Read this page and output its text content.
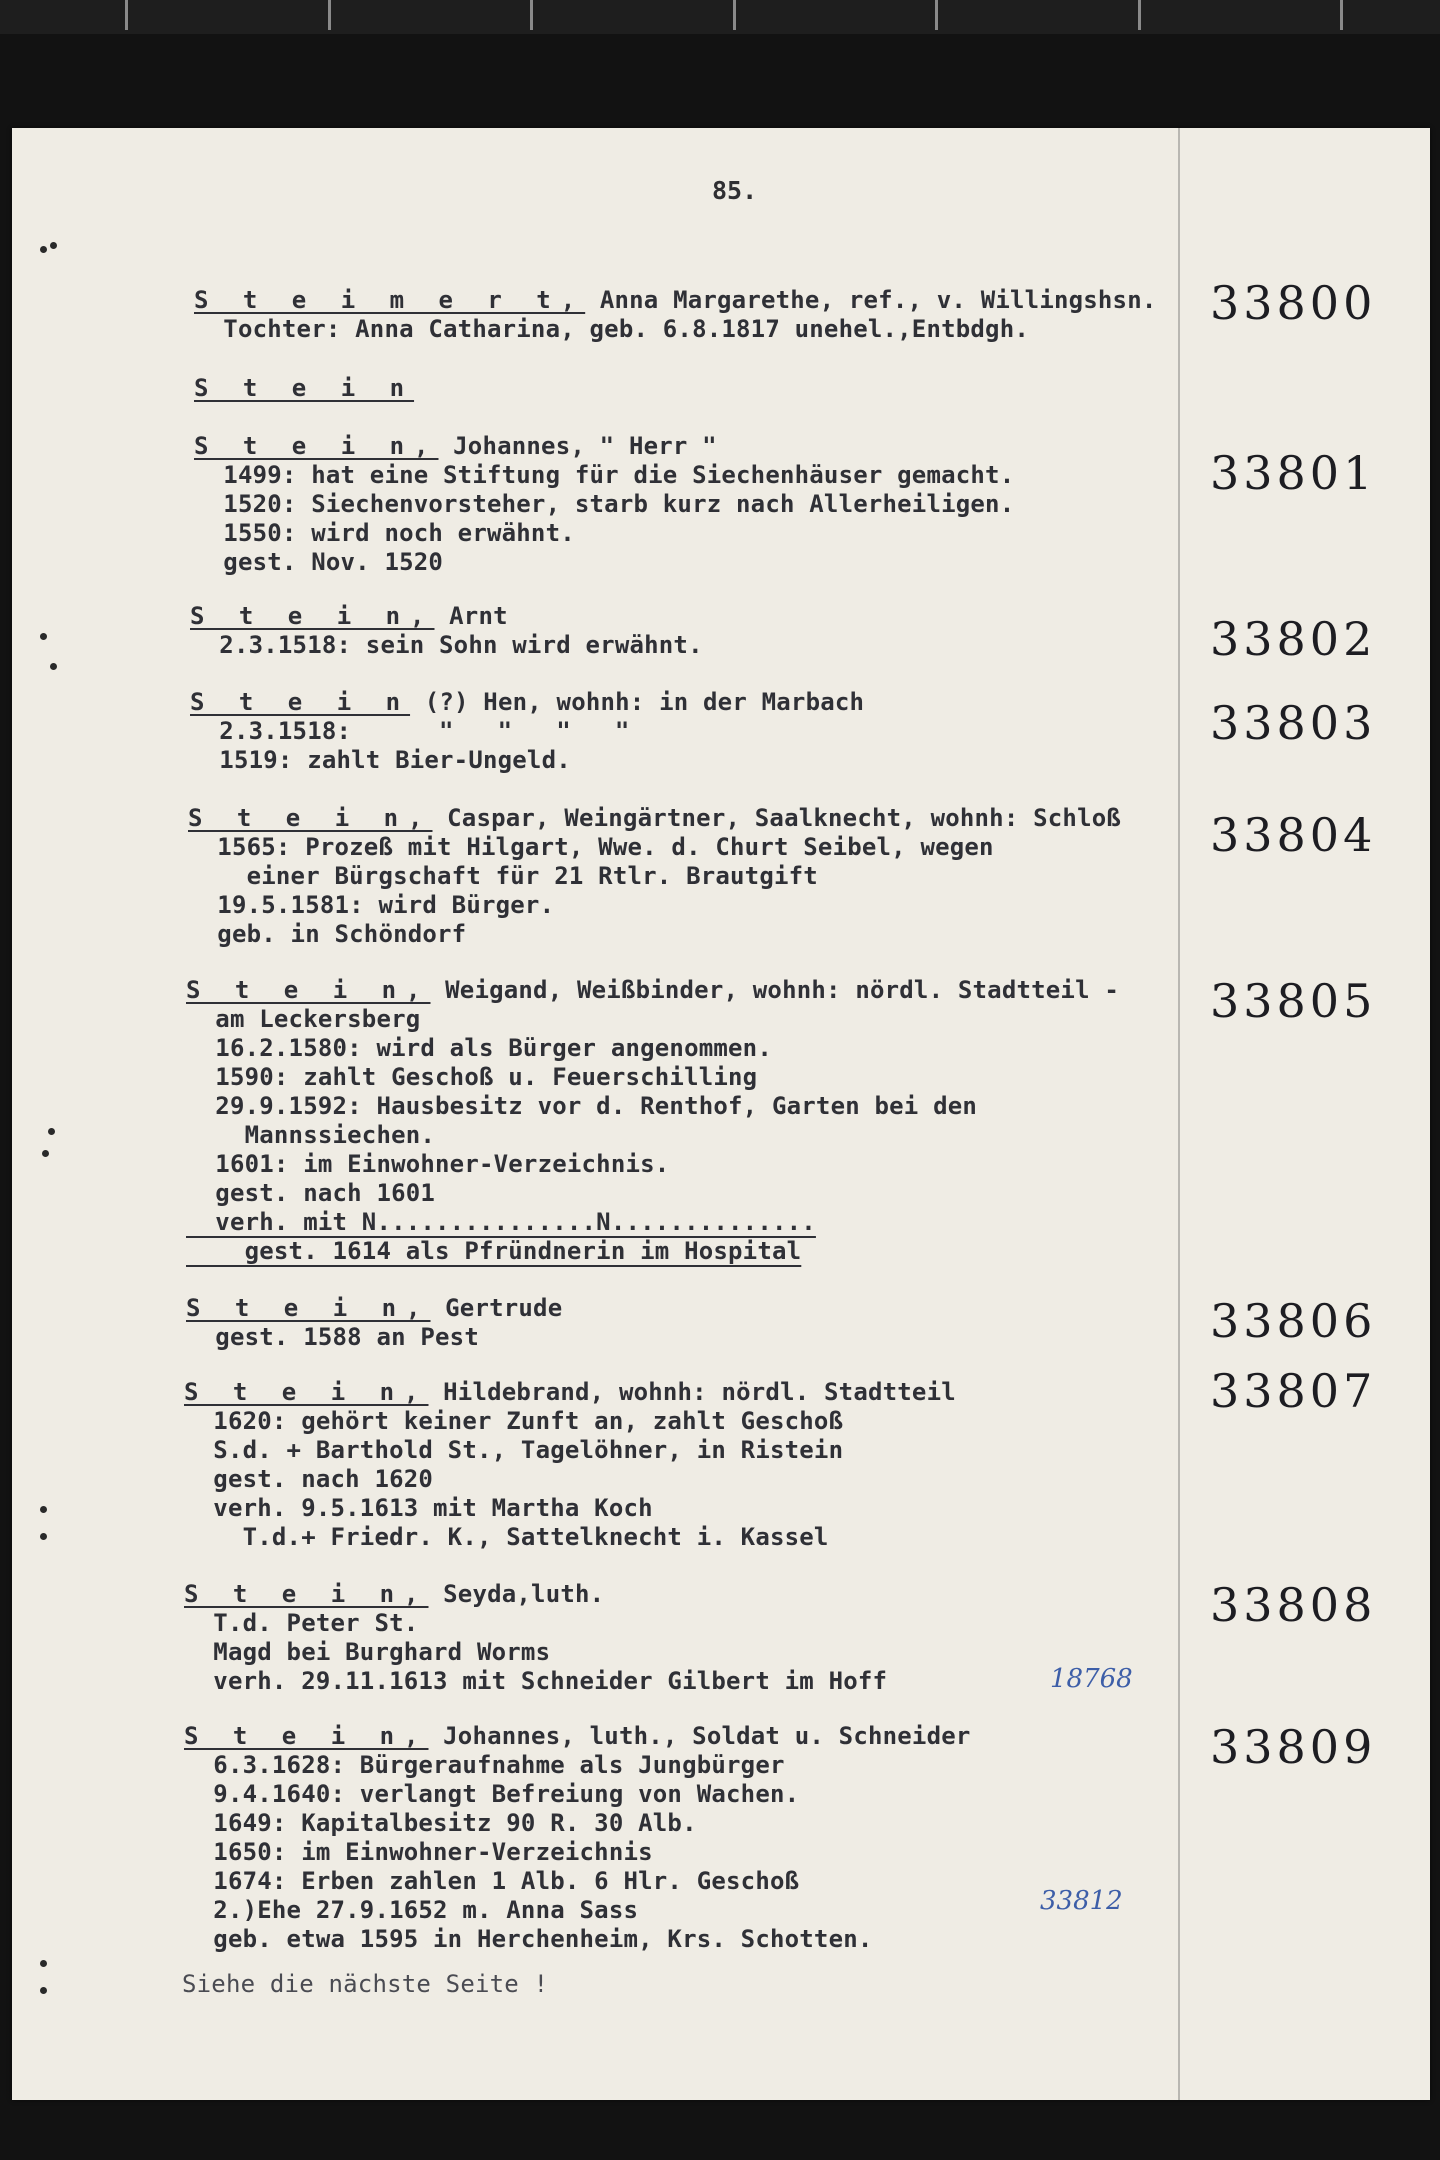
85.
S t e i m e r t, Anna Margarethe, ref., v. Willingshsn.
Tochter: Anna Catharina, geb. 6.8.1817 unehel.,Entbdgh.	33800
S t e i n
S t e i n, Johannes, " Herr "
1499: hat eine Stiftung für die Siechenhäuser gemacht.
1520: Siechenvorsteher, starb kurz nach Allerheiligen.
1550: wird noch erwähnt.
gest. Nov. 1520
33801
S t e i n, Arnt
2.3.1518: sein Sohn wird erwähnt.	33802
S t e i n (?) Hen, wohnh: in der Marbach
2.3.1518:      "   "   "   "
1519: zahlt Bier-Ungeld.
33803
S t e i n, Caspar, Weingärtner, Saalknecht, wohnh: Schloß
1565: Prozeß mit Hilgart, Wwe. d. Churt Seibel, wegen
einer Bürgschaft für 21 Rtlr. Brautgift
19.5.1581: wird Bürger.
geb. in Schöndorf
33804
S t e i n, Weigand, Weißbinder, wohnh: nördl. Stadtteil -
am Leckersberg
16.2.1580: wird als Bürger angenommen.
1590: zahlt Geschoß u. Feuerschilling
29.9.1592: Hausbesitz vor d. Renthof, Garten bei den
Mannssiechen.
1601: im Einwohner-Verzeichnis.
gest. nach 1601
verh. mit N...............N..............
gest. 1614 als Pfründnerin im Hospital
33805
S t e i n, Gertrude
gest. 1588 an Pest	33806
S t e i n, Hildebrand, wohnh: nördl. Stadtteil
1620: gehört keiner Zunft an, zahlt Geschoß
S.d. + Barthold St., Tagelöhner, in Ristein
gest. nach 1620
verh. 9.5.1613 mit Martha Koch
T.d.+ Friedr. K., Sattelknecht i. Kassel
33807
S t e i n, Seyda,luth.
T.d. Peter St.
Magd bei Burghard Worms
verh. 29.11.1613 mit Schneider Gilbert im Hoff	18768
33808
S t e i n, Johannes, luth., Soldat u. Schneider
6.3.1628: Bürgeraufnahme als Jungbürger
9.4.1640: verlangt Befreiung von Wachen.
1649: Kapitalbesitz 90 R. 30 Alb.
1650: im Einwohner-Verzeichnis
1674: Erben zahlen 1 Alb. 6 Hlr. Geschoß
2.)Ehe 27.9.1652 m. Anna Sass
geb. etwa 1595 in Herchenheim, Krs. Schotten.
33812
33809
Siehe die nächste Seite !
